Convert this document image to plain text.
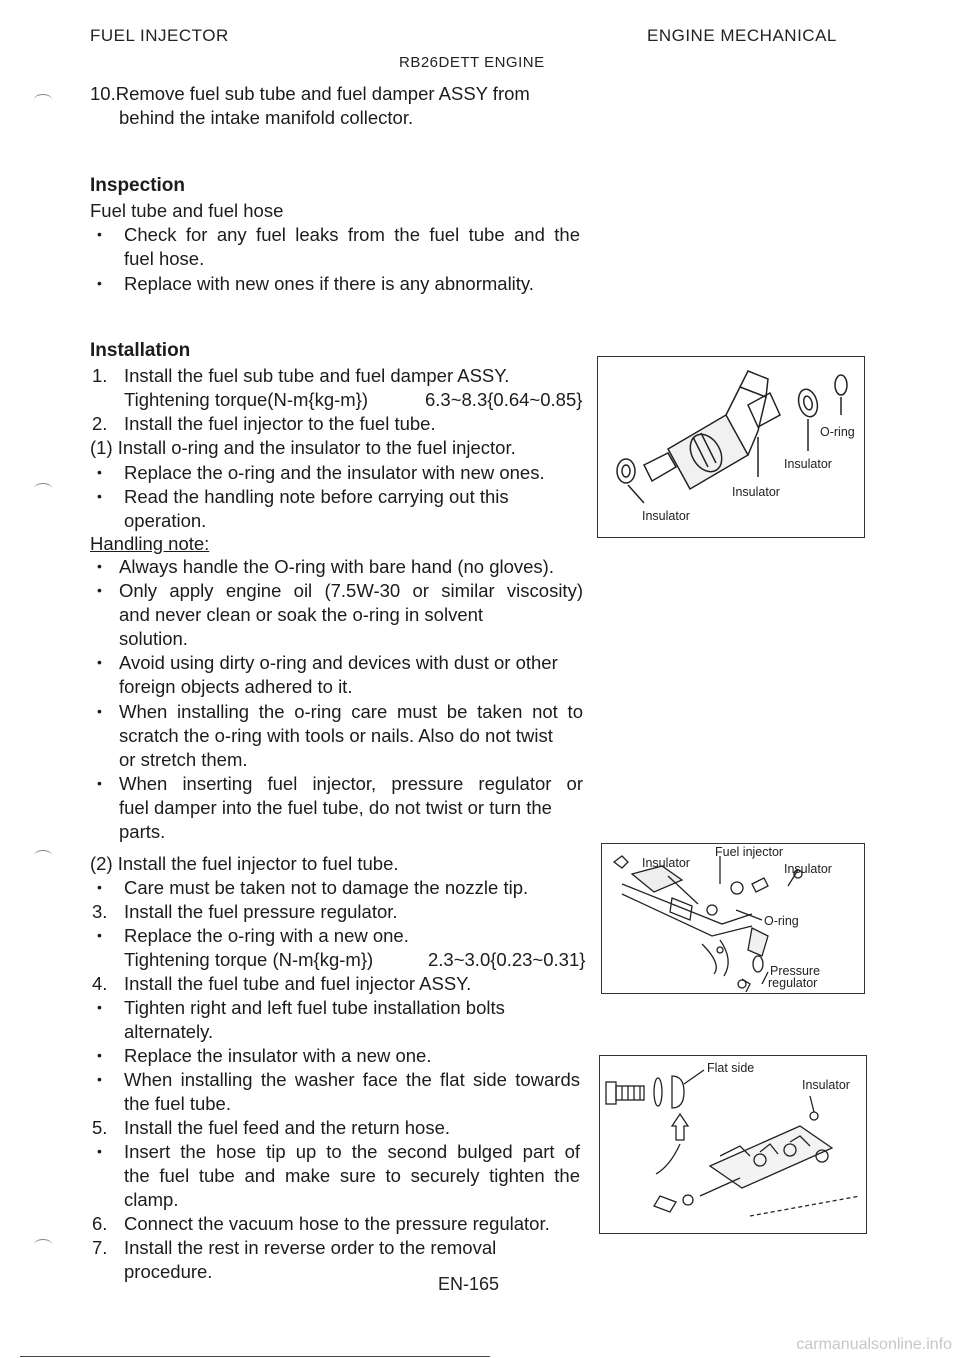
FUEL INJECTOR
RB26DETT ENGINE
ENGINE MECHANICAL
10.Remove fuel sub tube and fuel damper ASSY from
behind the intake manifold collector.
Inspection
Fuel tube and fuel hose
• Check for any fuel leaks from the fuel tube and the
fuel hose.
• Replace with new ones if there is any abnormality.
Installation
1. Install the fuel sub tube and fuel damper ASSY.
Tightening torque(N-m{kg-m})	6.3~8.3{0.64~0.85}
2. Install the fuel injector to the fuel tube.
(1) Install o-ring and the insulator to the fuel injector.
• Replace the o-ring and the insulator with new ones.
• Read the handling note before carrying out this
operation.
Handling note:
• Always handle the O-ring with bare hand (no gloves).
• Only apply engine oil (7.5W-30 or similar viscosity)
and never clean or soak the o-ring in solvent
solution.
• Avoid using dirty o-ring and devices with dust or other
foreign objects adhered to it.
• When installing the o-ring care must be taken not to
scratch the o-ring with tools or nails. Also do not twist
or stretch them.
• When inserting fuel injector, pressure regulator or
fuel damper into the fuel tube, do not twist or turn the
parts.
(2) Install the fuel injector to fuel tube.
• Care must be taken not to damage the nozzle tip.
3. Install the fuel pressure regulator.
• Replace the o-ring with a new one.
Tightening torque (N-m{kg-m})	2.3~3.0{0.23~0.31}
4. Install the fuel tube and fuel injector ASSY.
• Tighten right and left fuel tube installation bolts
alternately.
• Replace the insulator with a new one.
• When installing the washer face the flat side towards
the fuel tube.
5. Install the fuel feed and the return hose.
• Insert the hose tip up to the second bulged part of
the fuel tube and make sure to securely tighten the
clamp.
6. Connect the vacuum hose to the pressure regulator.
7. Install the rest in reverse order to the removal
procedure.
O-ring
Insulator
Insulator
Insulator
Fuel injector
Insulator	Insulator
O-ring
Pressure
regulator
Flat side
Insulator
EN-165
carmanualsonline.info
